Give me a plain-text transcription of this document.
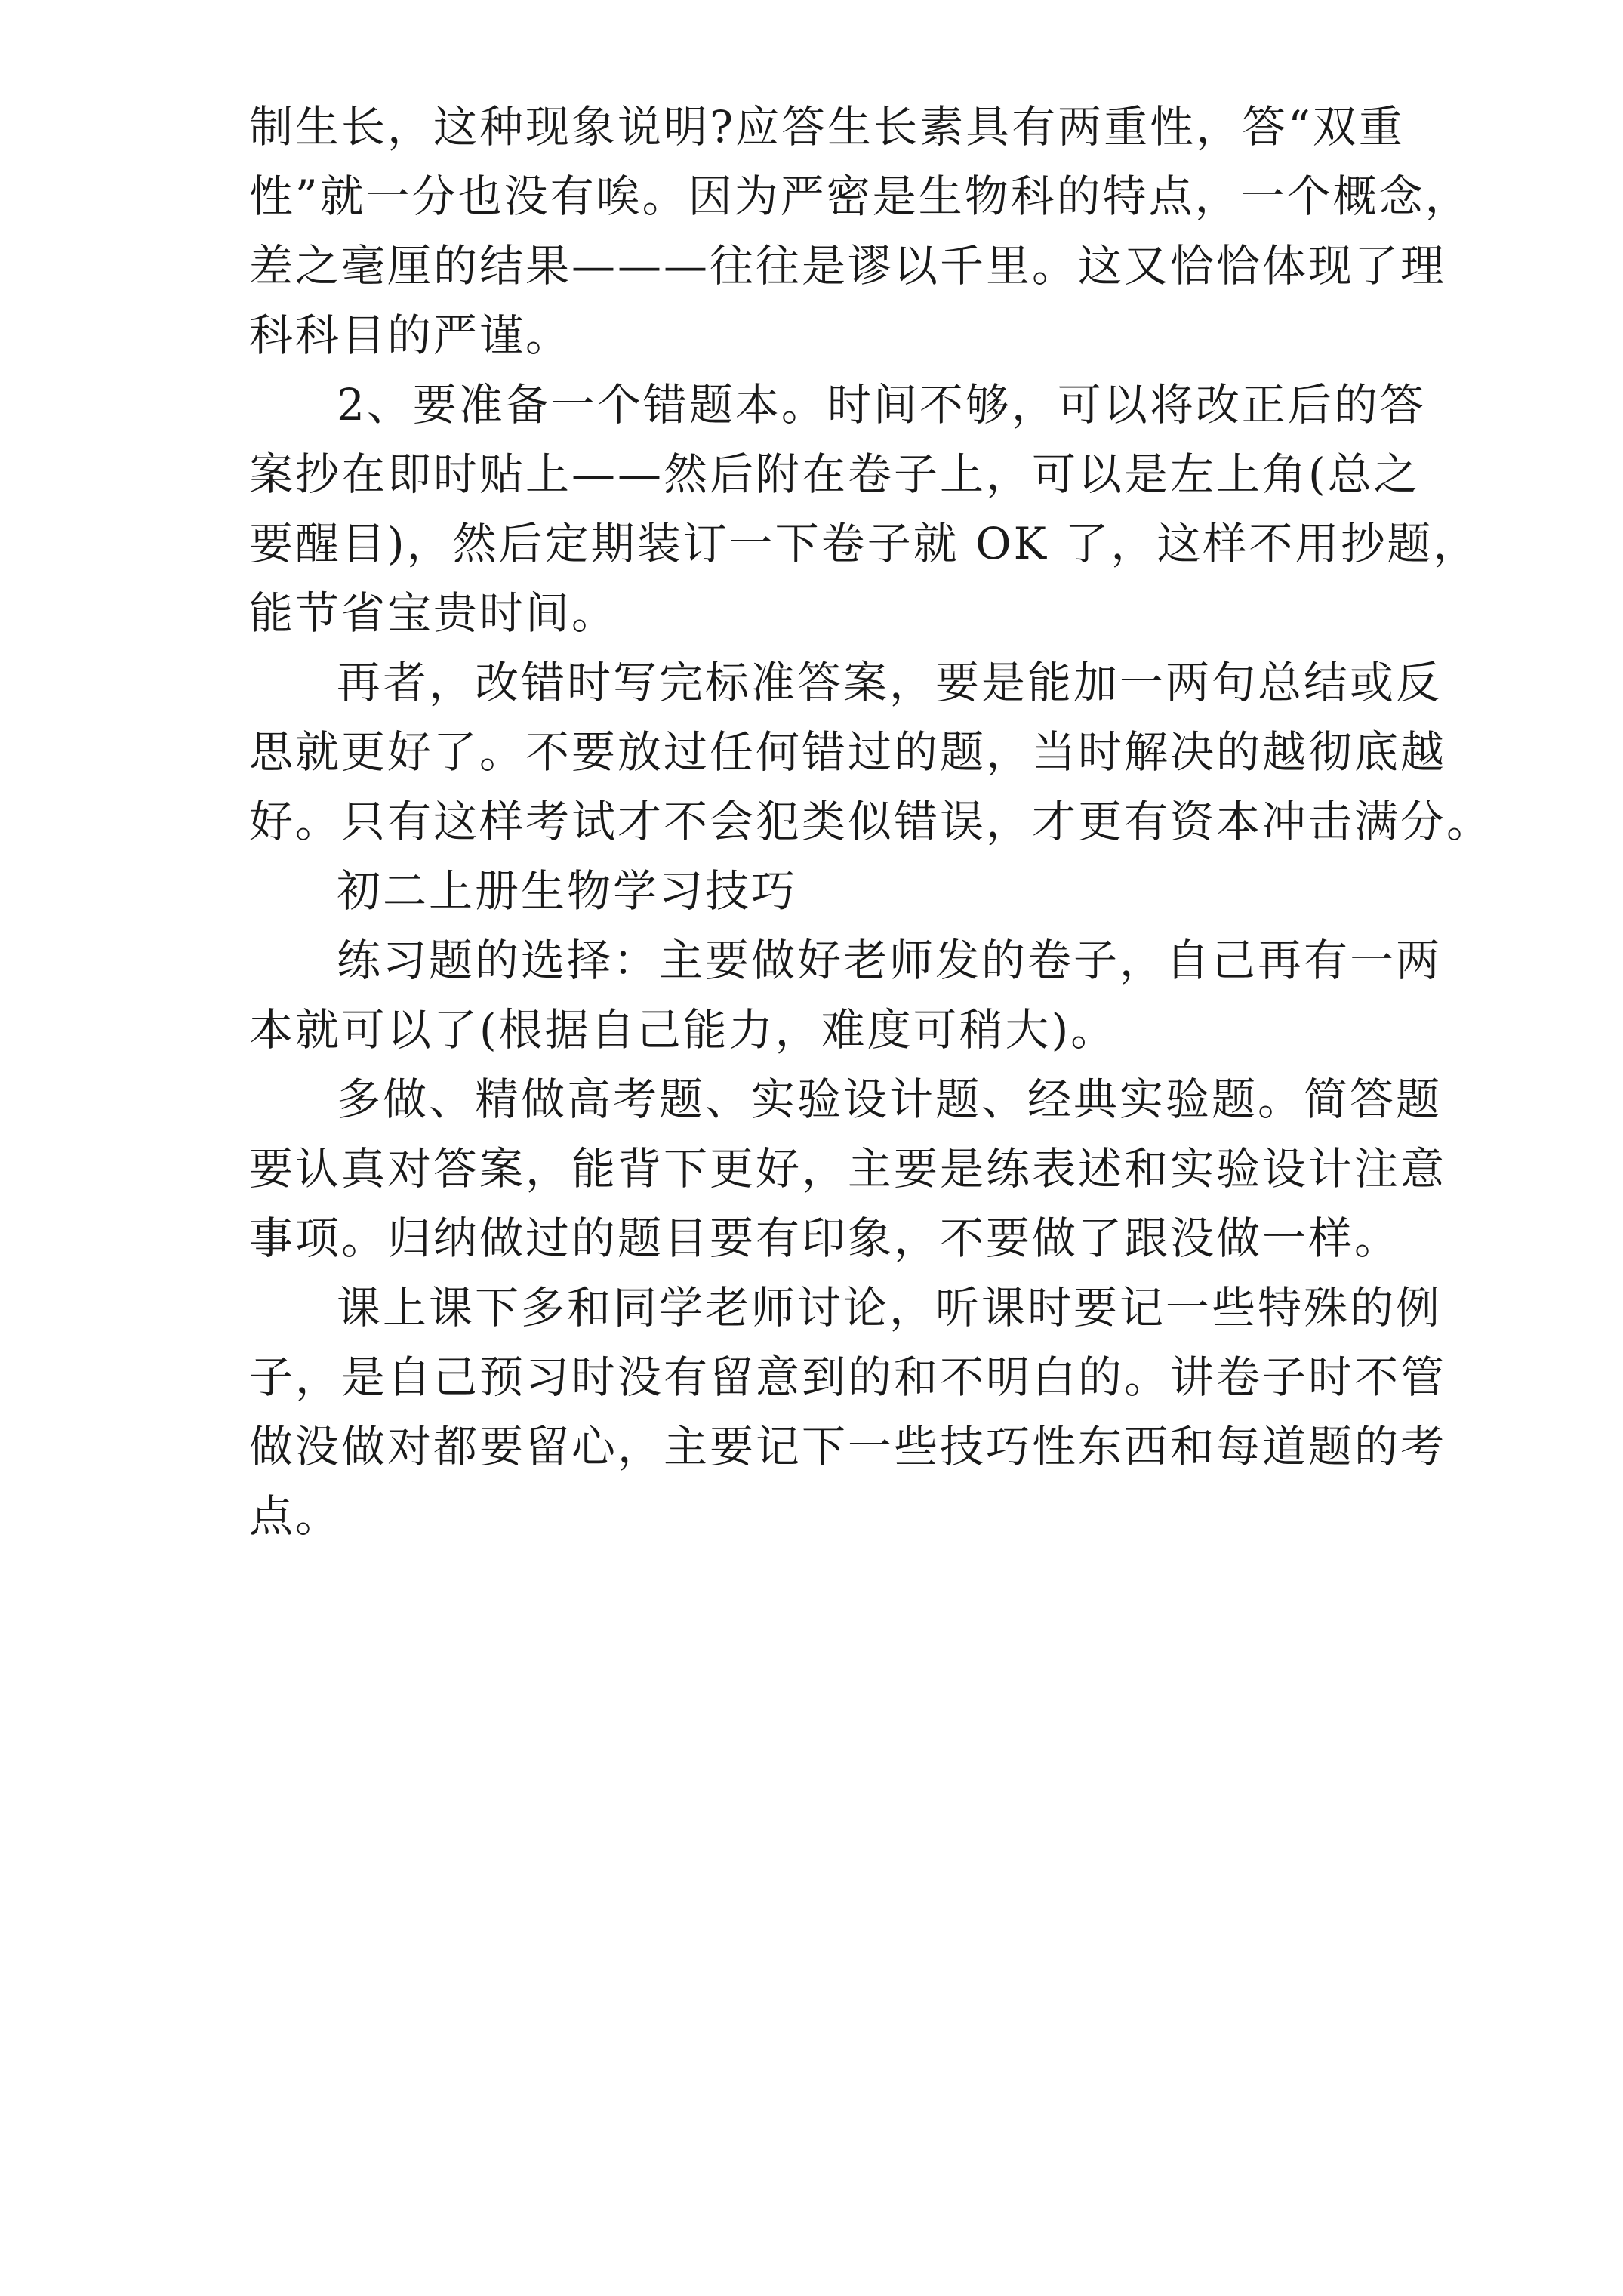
制生长，这种现象说明?应答生长素具有两重性，答“双重

性”就一分也没有唉。因为严密是生物科的特点，一个概念，

差之毫厘的结果———往往是谬以千里。这又恰恰体现了理

科科目的严谨。

2、要准备一个错题本。时间不够，可以将改正后的答

案抄在即时贴上——然后附在卷子上，可以是左上角(总之

要醒目)，然后定期装订一下卷子就 OK 了，这样不用抄题，

能节省宝贵时间。

再者，改错时写完标准答案，要是能加一两句总结或反

思就更好了。不要放过任何错过的题，当时解决的越彻底越

好。只有这样考试才不会犯类似错误，才更有资本冲击满分。

初二上册生物学习技巧

练习题的选择：主要做好老师发的卷子，自己再有一两

本就可以了(根据自己能力，难度可稍大)。

多做、精做高考题、实验设计题、经典实验题。简答题

要认真对答案，能背下更好，主要是练表述和实验设计注意

事项。归纳做过的题目要有印象，不要做了跟没做一样。

课上课下多和同学老师讨论，听课时要记一些特殊的例

子，是自己预习时没有留意到的和不明白的。讲卷子时不管

做没做对都要留心，主要记下一些技巧性东西和每道题的考

点。
